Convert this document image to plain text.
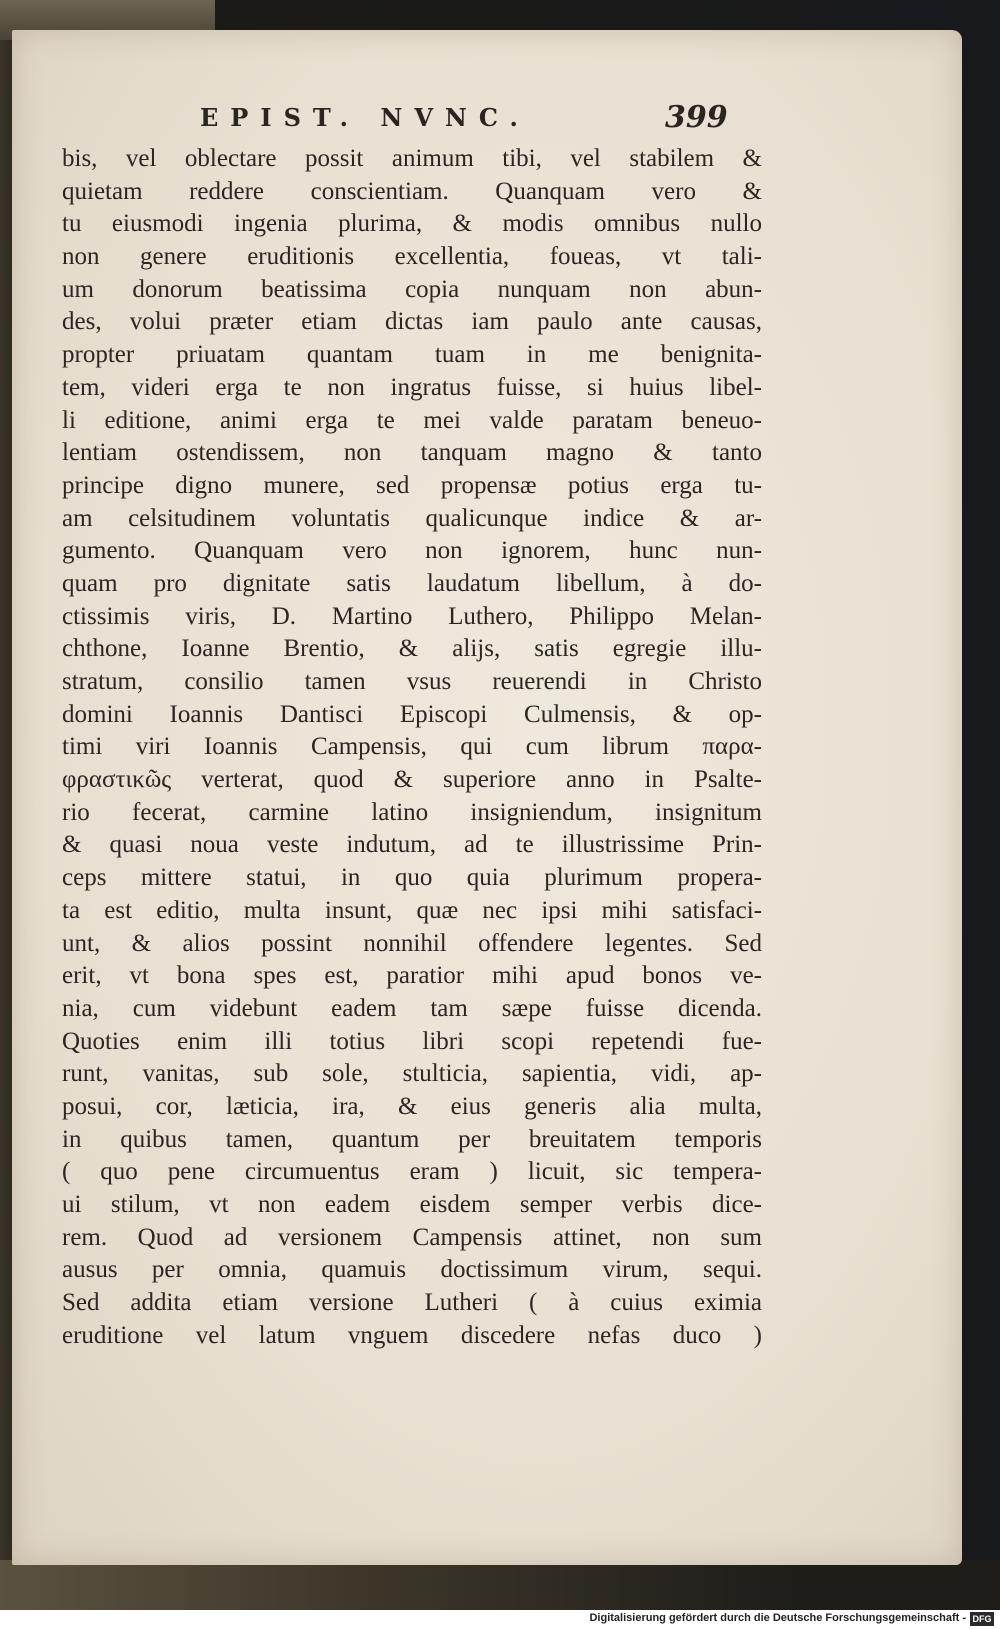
EPIST. NVNC.	399
bis, vel oblectare possit animum tibi, vel stabilem &
quietam reddere conscientiam. Quanquam vero &
tu eiusmodi ingenia plurima, & modis omnibus nullo
non genere eruditionis excellentia, foueas, vt tali-
um donorum beatissima copia nunquam non abun-
des, volui præter etiam dictas iam paulo ante causas,
propter priuatam quantam tuam in me benignita-
tem, videri erga te non ingratus fuisse, si huius libel-
li editione, animi erga te mei valde paratam beneuo-
lentiam ostendissem, non tanquam magno & tanto
principe digno munere, sed propensæ potius erga tu-
am celsitudinem voluntatis qualicunque indice & ar-
gumento. Quanquam vero non ignorem, hunc nun-
quam pro dignitate satis laudatum libellum, à do-
ctissimis viris, D. Martino Luthero, Philippo Melan-
chthone, Ioanne Brentio, & alijs, satis egregie illu-
stratum, consilio tamen vsus reuerendi in Christo
domini Ioannis Dantisci Episcopi Culmensis, & op-
timi viri Ioannis Campensis, qui cum librum παρα-
φραστικῶς verterat, quod & superiore anno in Psalte-
rio fecerat, carmine latino insigniendum, insignitum
& quasi noua veste indutum, ad te illustrissime Prin-
ceps mittere statui, in quo quia plurimum propera-
ta est editio, multa insunt, quæ nec ipsi mihi satisfaci-
unt, & alios possint nonnihil offendere legentes. Sed
erit, vt bona spes est, paratior mihi apud bonos ve-
nia, cum videbunt eadem tam sæpe fuisse dicenda.
Quoties enim illi totius libri scopi repetendi fue-
runt, vanitas, sub sole, stulticia, sapientia, vidi, ap-
posui, cor, læticia, ira, & eius generis alia multa,
in quibus tamen, quantum per breuitatem temporis
( quo pene circumuentus eram ) licuit, sic tempera-
ui stilum, vt non eadem eisdem semper verbis dice-
rem. Quod ad versionem Campensis attinet, non sum
ausus per omnia, quamuis doctissimum virum, sequi.
Sed addita etiam versione Lutheri ( à cuius eximia
eruditione vel latum vnguem discedere nefas duco )
Digitalisierung gefördert durch die Deutsche Forschungsgemeinschaft - DFG
